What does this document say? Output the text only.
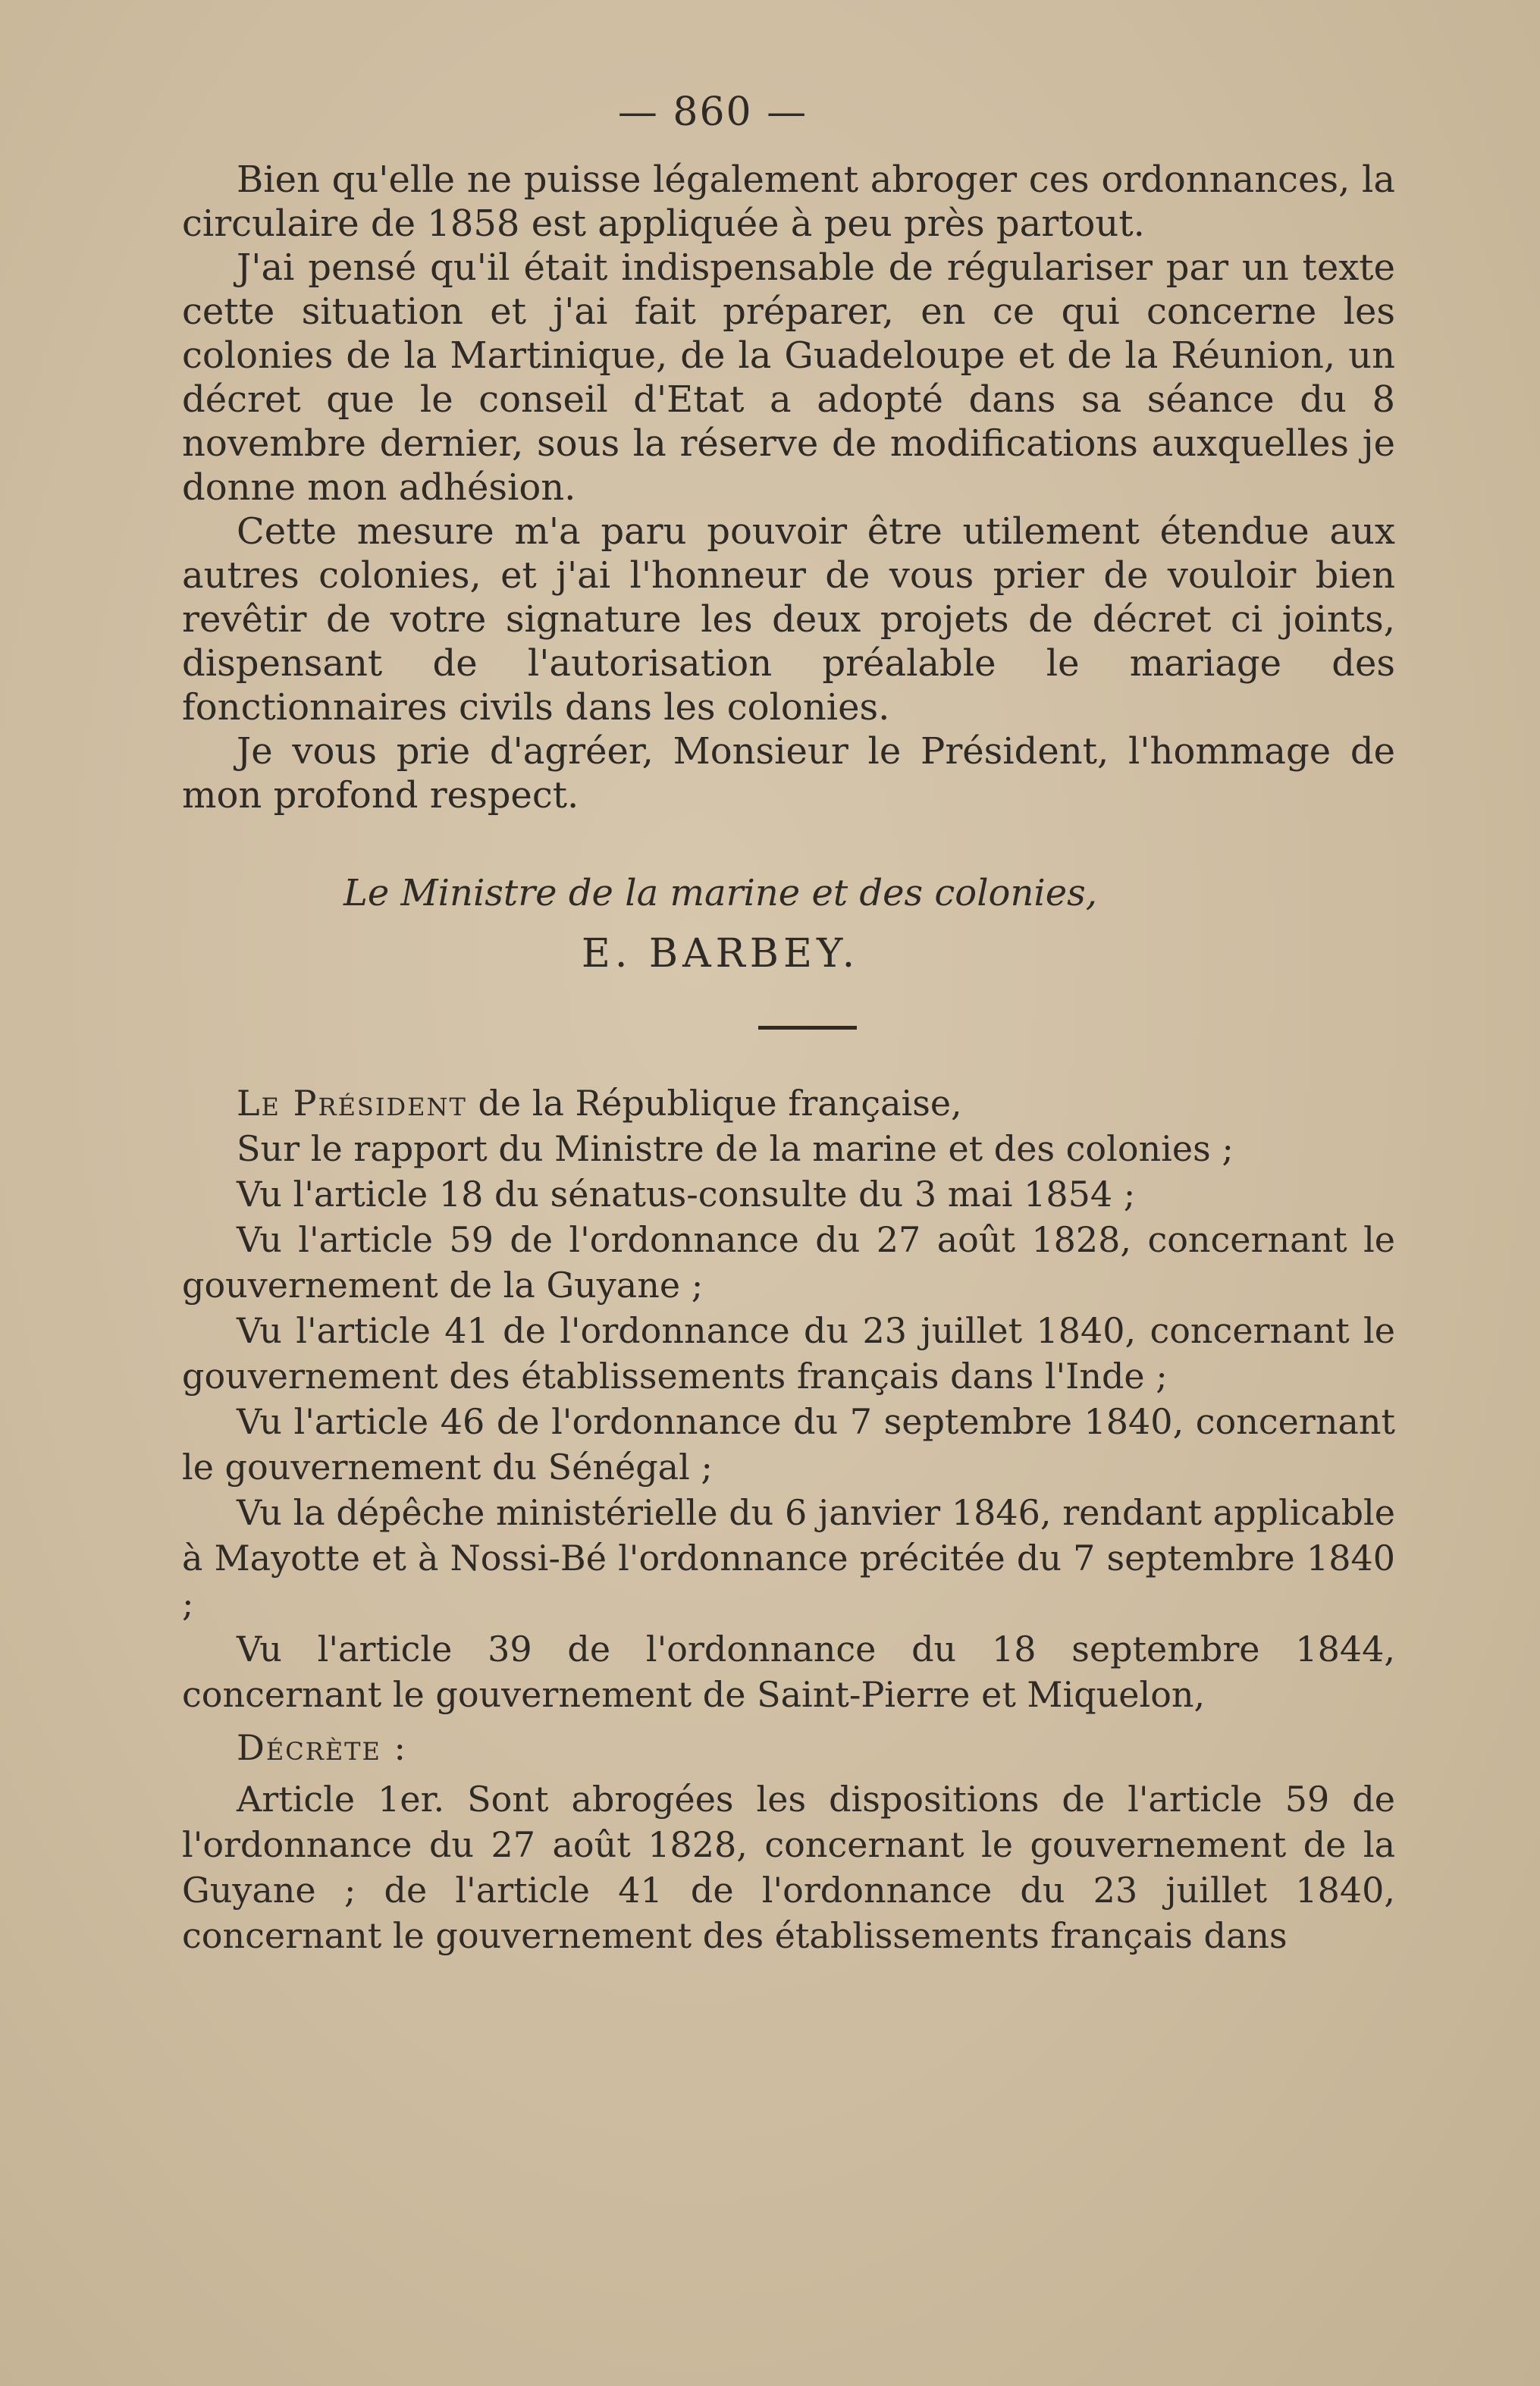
— 860 —

Bien qu'elle ne puisse légalement abroger ces ordonnances, la circulaire de 1858 est appliquée à peu près partout.

J'ai pensé qu'il était indispensable de régulariser par un texte cette situation et j'ai fait préparer, en ce qui concerne les colonies de la Martinique, de la Guadeloupe et de la Réunion, un décret que le conseil d'Etat a adopté dans sa séance du 8 novembre dernier, sous la réserve de modifications auxquelles je donne mon adhésion.

Cette mesure m'a paru pouvoir être utilement étendue aux autres colonies, et j'ai l'honneur de vous prier de vouloir bien revêtir de votre signature les deux projets de décret ci joints, dispensant de l'autorisation préalable le mariage des fonctionnaires civils dans les colonies.

Je vous prie d'agréer, Monsieur le Président, l'hommage de mon profond respect.

Le Ministre de la marine et des colonies,
E. BARBEY.

Le Président de la République française,

Sur le rapport du Ministre de la marine et des colonies ;

Vu l'article 18 du sénatus-consulte du 3 mai 1854 ;

Vu l'article 59 de l'ordonnance du 27 août 1828, concernant le gouvernement de la Guyane ;

Vu l'article 41 de l'ordonnance du 23 juillet 1840, concernant le gouvernement des établissements français dans l'Inde ;

Vu l'article 46 de l'ordonnance du 7 septembre 1840, concernant le gouvernement du Sénégal ;

Vu la dépêche ministérielle du 6 janvier 1846, rendant applicable à Mayotte et à Nossi-Bé l'ordonnance précitée du 7 septembre 1840 ;

Vu l'article 39 de l'ordonnance du 18 septembre 1844, concernant le gouvernement de Saint-Pierre et Miquelon,

Décrète :

Article 1er. Sont abrogées les dispositions de l'article 59 de l'ordonnance du 27 août 1828, concernant le gouvernement de la Guyane ; de l'article 41 de l'ordonnance du 23 juillet 1840, concernant le gouvernement des établissements français dans
